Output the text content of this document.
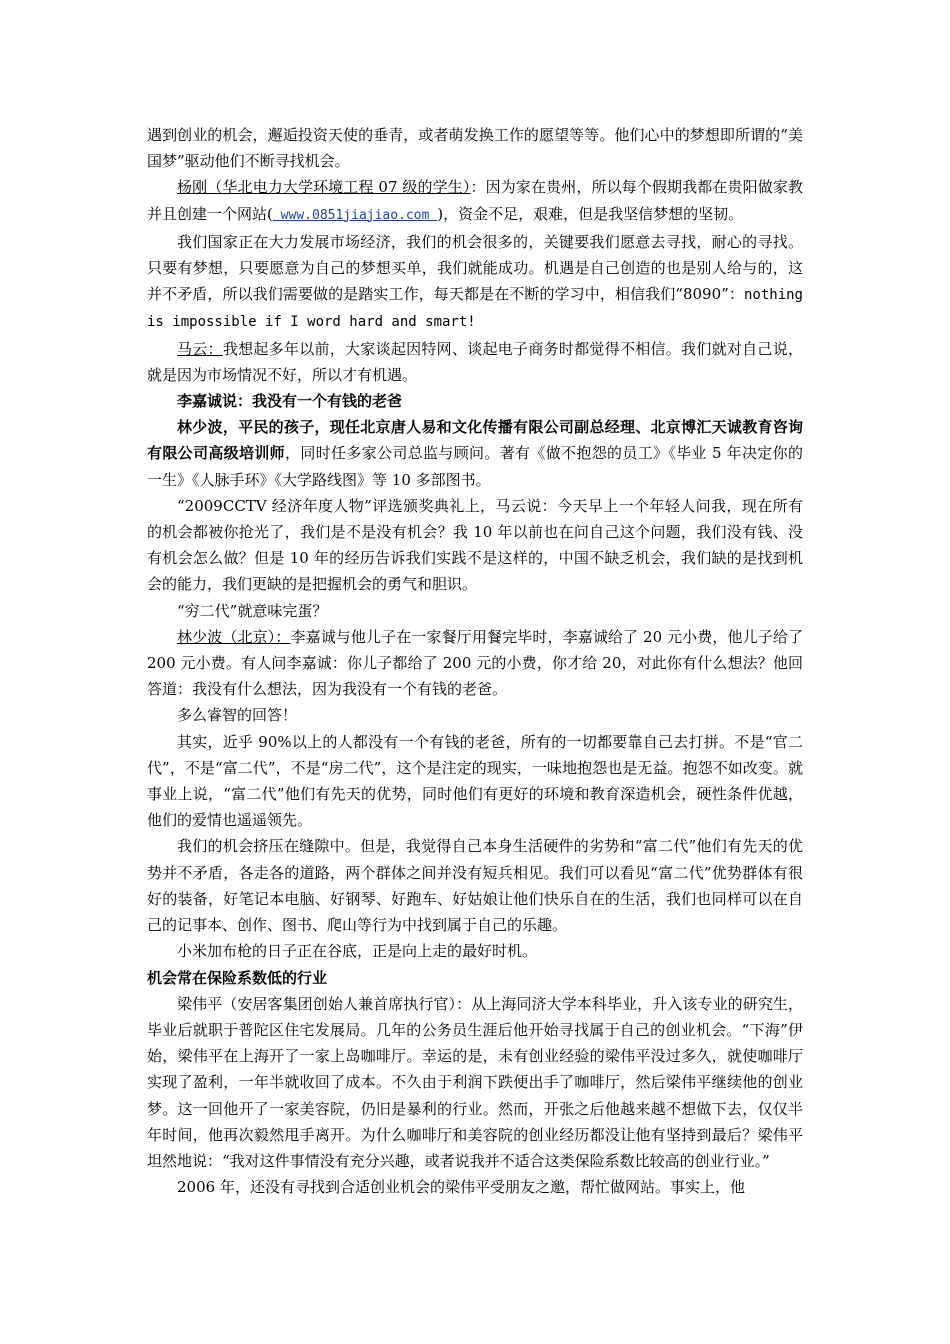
遇到创业的机会，邂逅投资天使的垂青，或者萌发换工作的愿望等等。他们心中的梦想即所谓的“美国梦”驱动他们不断寻找机会。

杨刚（华北电力大学环境工程 07 级的学生）：因为家在贵州，所以每个假期我都在贵阳做家教并且创建一个网站( www.0851jiajiao.com )，资金不足，艰难，但是我坚信梦想的坚韧。

我们国家正在大力发展市场经济，我们的机会很多的，关键要我们愿意去寻找，耐心的寻找。只要有梦想，只要愿意为自己的梦想买单，我们就能成功。机遇是自己创造的也是别人给与的，这并不矛盾，所以我们需要做的是踏实工作，每天都是在不断的学习中，相信我们“8090”：nothing is impossible if I word hard and smart!

马云：我想起多年以前，大家谈起因特网、谈起电子商务时都觉得不相信。我们就对自己说，就是因为市场情况不好，所以才有机遇。

李嘉诚说：我没有一个有钱的老爸

林少波，平民的孩子，现任北京唐人易和文化传播有限公司副总经理、北京博汇天诚教育咨询有限公司高级培训师，同时任多家公司总监与顾问。著有《做不抱怨的员工》《毕业 5 年决定你的一生》《人脉手环》《大学路线图》等 10 多部图书。

“2009CCTV 经济年度人物”评选颁奖典礼上，马云说：今天早上一个年轻人问我，现在所有的机会都被你抢光了，我们是不是没有机会？我 10 年以前也在问自己这个问题，我们没有钱、没有机会怎么做？但是 10 年的经历告诉我们实践不是这样的，中国不缺乏机会，我们缺的是找到机会的能力，我们更缺的是把握机会的勇气和胆识。

“穷二代”就意味完蛋？

林少波（北京）：李嘉诚与他儿子在一家餐厅用餐完毕时，李嘉诚给了 20 元小费，他儿子给了 200 元小费。有人问李嘉诚：你儿子都给了 200 元的小费，你才给 20，对此你有什么想法？他回答道：我没有什么想法，因为我没有一个有钱的老爸。

多么睿智的回答！

其实，近乎 90%以上的人都没有一个有钱的老爸，所有的一切都要靠自己去打拼。不是“官二代”，不是“富二代”，不是“房二代”，这个是注定的现实，一味地抱怨也是无益。抱怨不如改变。就事业上说，“富二代”他们有先天的优势，同时他们有更好的环境和教育深造机会，硬性条件优越，他们的爱情也遥遥领先。

我们的机会挤压在缝隙中。但是，我觉得自己本身生活硬件的劣势和“富二代”他们有先天的优势并不矛盾，各走各的道路，两个群体之间并没有短兵相见。我们可以看见“富二代”优势群体有很好的装备，好笔记本电脑、好钢琴、好跑车、好姑娘让他们快乐自在的生活，我们也同样可以在自己的记事本、创作、图书、爬山等行为中找到属于自己的乐趣。

小米加布枪的日子正在谷底，正是向上走的最好时机。

机会常在保险系数低的行业

梁伟平（安居客集团创始人兼首席执行官）：从上海同济大学本科毕业，升入该专业的研究生，毕业后就职于普陀区住宅发展局。几年的公务员生涯后他开始寻找属于自己的创业机会。“下海”伊始，梁伟平在上海开了一家上岛咖啡厅。幸运的是，未有创业经验的梁伟平没过多久，就使咖啡厅实现了盈利，一年半就收回了成本。不久由于利润下跌便出手了咖啡厅，然后梁伟平继续他的创业梦。这一回他开了一家美容院，仍旧是暴利的行业。然而，开张之后他越来越不想做下去，仅仅半年时间，他再次毅然甩手离开。为什么咖啡厅和美容院的创业经历都没让他有坚持到最后？梁伟平坦然地说：“我对这件事情没有充分兴趣，或者说我并不适合这类保险系数比较高的创业行业。”

2006 年，还没有寻找到合适创业机会的梁伟平受朋友之邀，帮忙做网站。事实上，他
